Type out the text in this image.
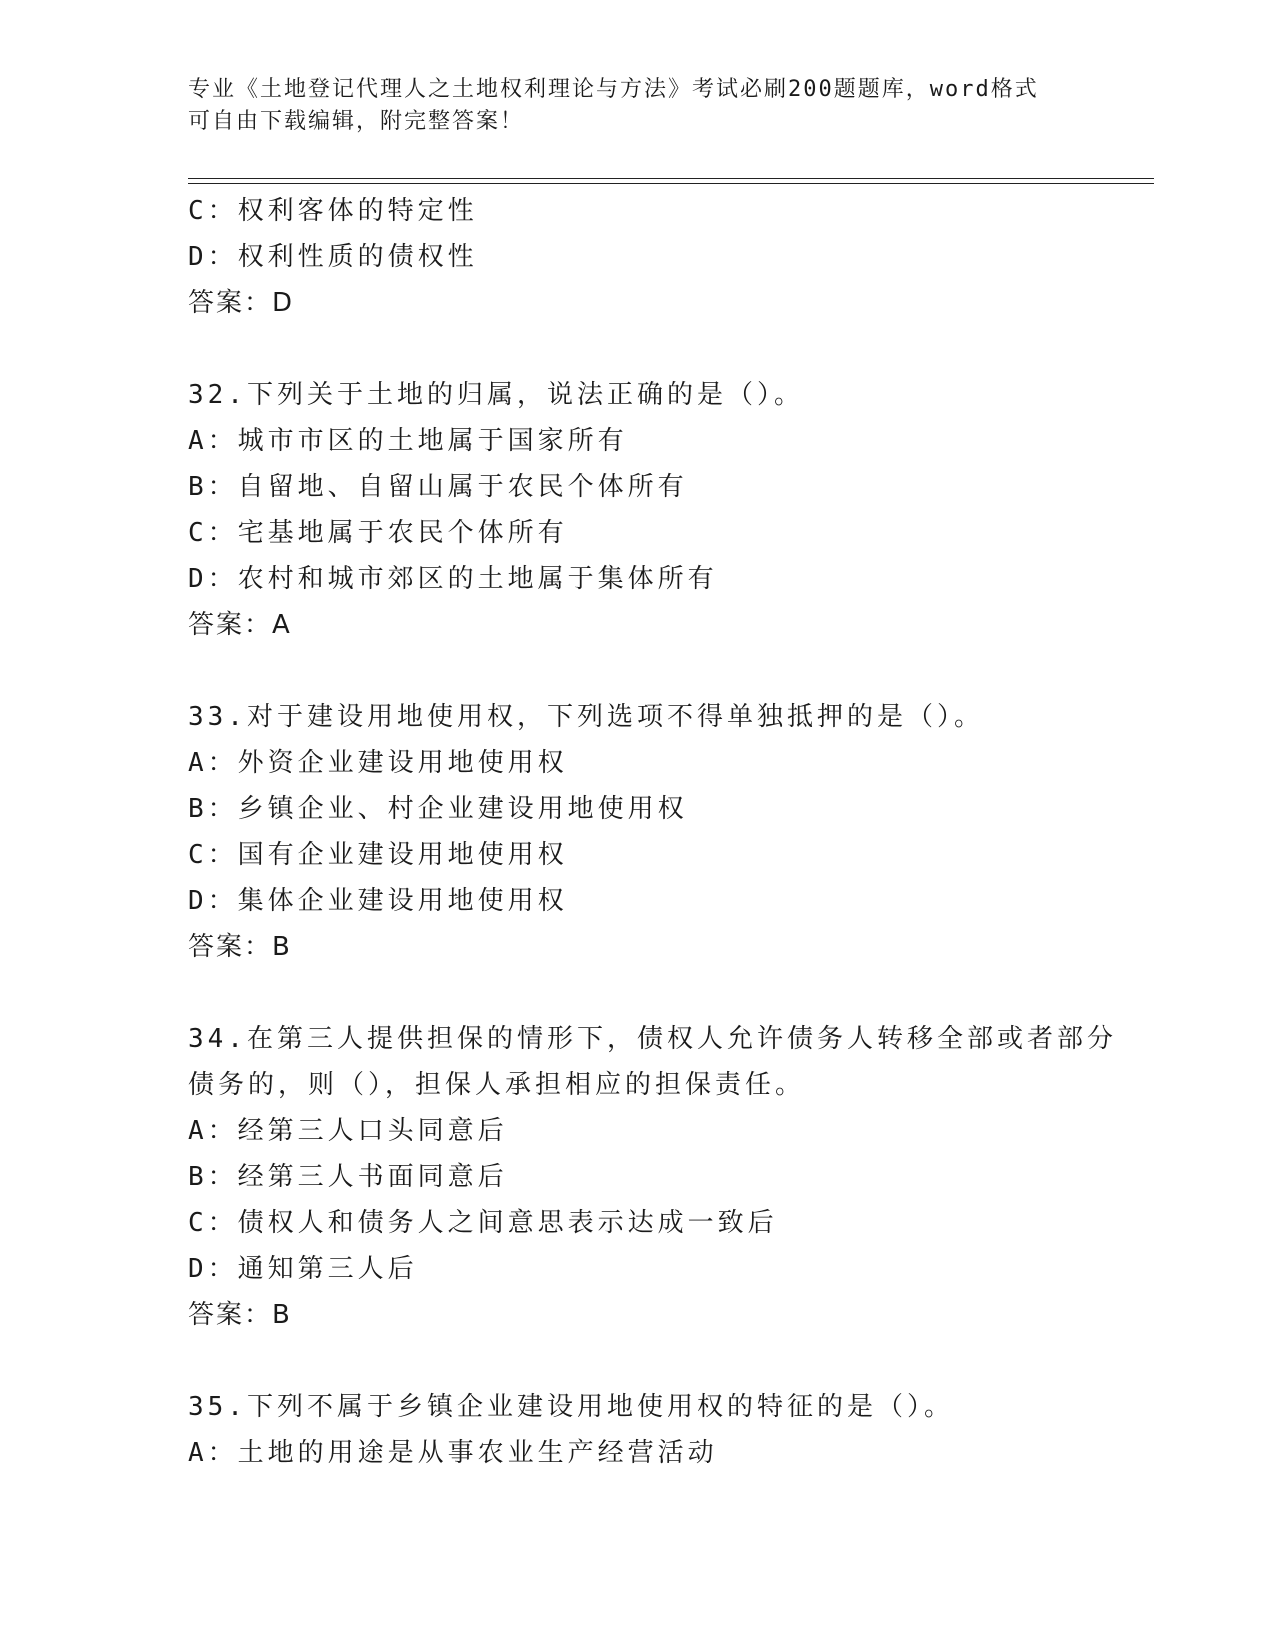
专业《土地登记代理人之土地权利理论与方法》考试必刷200题题库，word格式
可自由下载编辑，附完整答案！
C：权利客体的特定性
D：权利性质的债权性
答案：D
32.下列关于土地的归属，说法正确的是（）。
A：城市市区的土地属于国家所有
B：自留地、自留山属于农民个体所有
C：宅基地属于农民个体所有
D：农村和城市郊区的土地属于集体所有
答案：A
33.对于建设用地使用权，下列选项不得单独抵押的是（）。
A：外资企业建设用地使用权
B：乡镇企业、村企业建设用地使用权
C：国有企业建设用地使用权
D：集体企业建设用地使用权
答案：B
34.在第三人提供担保的情形下，债权人允许债务人转移全部或者部分
债务的，则（），担保人承担相应的担保责任。
A：经第三人口头同意后
B：经第三人书面同意后
C：债权人和债务人之间意思表示达成一致后
D：通知第三人后
答案：B
35.下列不属于乡镇企业建设用地使用权的特征的是（）。
A：土地的用途是从事农业生产经营活动
